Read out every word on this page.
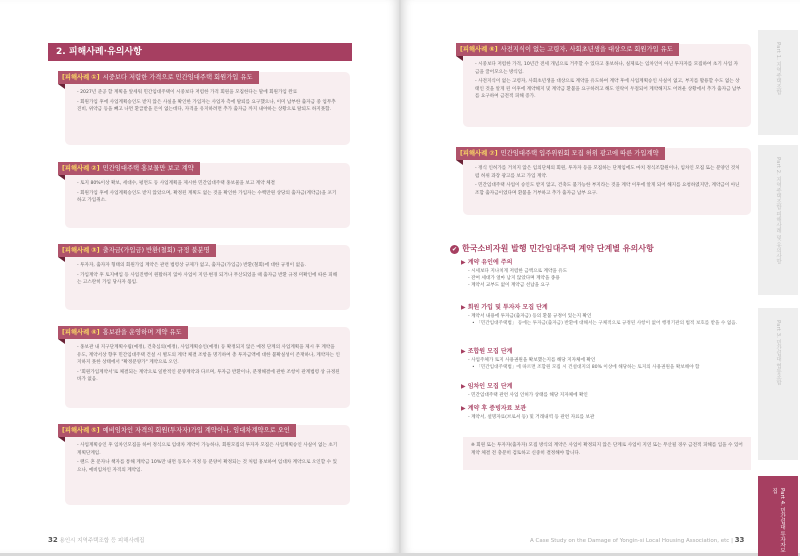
2. 피해사례·유의사항
[피해사례 ①] 시중보다 저렴한 가격으로 민간임대주택 회원가입 유도

- 2027년 준공 할 계획을 앞세워 민간임대주택이 시중보다 저렴한 가격 회원을 모집한다는 말에 회원가입 완료

- 회원가입 후에 사업계획승인도 받지 않은 사실을 확인한 가입자는 사업자 측에 탈퇴를 요구했으나, 이미 납부한 출자금 중 업무추진비, 위약금 등을 빼고 나면 환급받을 돈이 없는데다, 자격을 유지하려면 추가 출자금 까지 내야하는 상황으로 탈퇴도 하지못함.

[피해사례 ②] 민간임대주택 홍보물만 보고 계약

- 토지 80%이상 확보, 세대수, 평면도 등 사업계획을 제시한 민간임대주택 홍보물을 보고 계약 체결

- 회원가입 후에 사업계획승인도 받지 않았으며, 확정된 계획도 없는 것을 확인한 가입자는 수백만원 상당의 출자금(계약금)을 포기하고 가입취소.

[피해사례 ③] 출자금(가입금) 반환(철회) 규정 불분명

- 투자자, 출자자 형태의 회원가입 계약은 관련 법령상 규제가 없고, 출자금(가입금) 반환(철회)에 대한 규정이 없음.

- 가입계약 후 토지매입 등 사업진행이 원활하지 않아 사업이 지연·변경 되거나 무산되었을 때 출자금 반환 규정 미확인에 따른 피해는 고스란히 가입 당사자 몫임.

[피해사례 ④] 홍보관을 운영하며 계약 유도

- 홍보관 내 지구단계획수립(예정), 건축심의(예정), 사업계획승인(예정) 등 확정되지 않은 예정 단계의 사업계획을 제시 후 계약을 유도, 계약서상 향후 민간임대주택 건설 시 별도의 계약 체결 조항을 명기하여 총 투자금액에 대한 불확실성이 존재하나, 계약자는 인지하지 못한 상태에서 "확정분양가" 계약으로 오인.

- '회원가입계약서'로 체결되는 계약으로 일반적인 분양계약과 다르며, 투자금 반환이나, 분쟁해결에 관한 조항이 관계법령 상 규정된 바가 없음.

[피해사례 ⑤] 예비임차인 자격의 회원(투자자)가입 계약이나, 임대차계약으로 오인

- 사업계획승인 후 임차인모집을 하여 정식으로 임대차 계약이 가능하나, 회원모집의 투자자 모집은 사업계획승인 사실이 없는 초기 계획단계임.

- 랜드 혼 문자나 책자를 통해 계약금 10%만 내면 동호수 지정 등 분양이 확정되는 것 처럼 홍보하여 임대차 계약으로 오인할 수 있으나, 예비임차인 자격의 계약임.

[피해사례 ⑥] 사전지식이 없는 고령자, 사회초년생을 대상으로 회원가입 유도

- 시중보다 저렴한 가격, 10년간 전세 개념으로 거주할 수 있다고 홍보하나, 실제로는 임차인이 아닌 투자자를 모집하여 초기 사업 자금을 끌어모으는 방식임.

- 사전지식이 없는 고령자, 사회초년생을 대상으로 계약을 유도하여 계약 후에 사업계획승인 사실이 없고, 부지를 활용할 수도 없는 상태인 것을 알게 된 이후에 계약해지 및 계약금 환불을 요구하려고 해도 연락이 두절되어 계약해지도 어려운 상황에서 추가 출자금 납부를 요구하여 금전적 피해 증가.

[피해사례 ⑦] 민간임대주택 입주위원회 모집 허위 광고에 따른 가입계약

- 정식 인허가를 거치지 않은 임의단체의 회원, 투자자 등을 모집하는 단계임에도 마치 정식조합원이나, 임차인 모집 또는 분양인 것처럼 허위 과장 광고를 보고 가입 계약.

- 민간임대주택 사업이 승인도 받지 않고, 건축도 불가능한 부지라는 것을 계약 이후에 알게 되어 해지를 요청하였지만, 계약금이 아닌 조합 출자금이었다며 환불을 거부하고 추가 출자금 납부 요구.

✔ 한국소비자원 발행 민간임대주택 계약 단계별 유의사항
▶ 계약 유인에 주의

- 시세보다 지나치게 저렴한 금액으로 계약을 유도

- 잔여 세대가 얼마 남지 않았다며 계약을 종용

- 계약서 교부도 없이 계약금 선납을 요구

▶ 회원 가입 및 투자자 모집 단계

- 계약서 내용에 투자금(출자금) 등의 환불 규정이 있는지 확인

• 「민간임대주택법」 등에는 투자금(출자금) 반환에 대해서는 구체적으로 규정된 사항이 없어 행정기관의 법적 보호를 받을 수 없음.

▶ 조합원 모집 단계

- 사업주체가 토지 사용권원을 확보했는지를 해당 지자체에 확인

• 「민간임대주택법」에 따르면 조합원 모집 시 건설대지의 80% 이상에 해당하는 토지의 사용권원을 확보해야 함

▶ 임차인 모집 단계

- 민간임대주택 관련 사업 인허가 상태를 해당 지자체에 확인

▶ 계약 후 증빙자료 보관

- 계약서, 설명자료(브로셔 등) 및 거래내역 등 관련 자료를 보관

※ 회원 또는 투자자(출자자) 모집 방식의 계약은 사업이 확정되지 않은 단계로 사업이 지연 또는 무산될 경우 금전적 피해를 입을 수 있어 계약 체결 전 충분히 검토하고 신중히 결정해야 합니다.
32 용인시 지역주택조합 등 피해사례집	A Case Study on the Damage of Yongin-si Local Housing Association, etc | 33
Part 1. 지역주택조합
Part 2. 지역주택조합 피해사례 및 유의사항
Part 3. 민간임대 협동조합
Part 4. 민간임대 투자자모집
